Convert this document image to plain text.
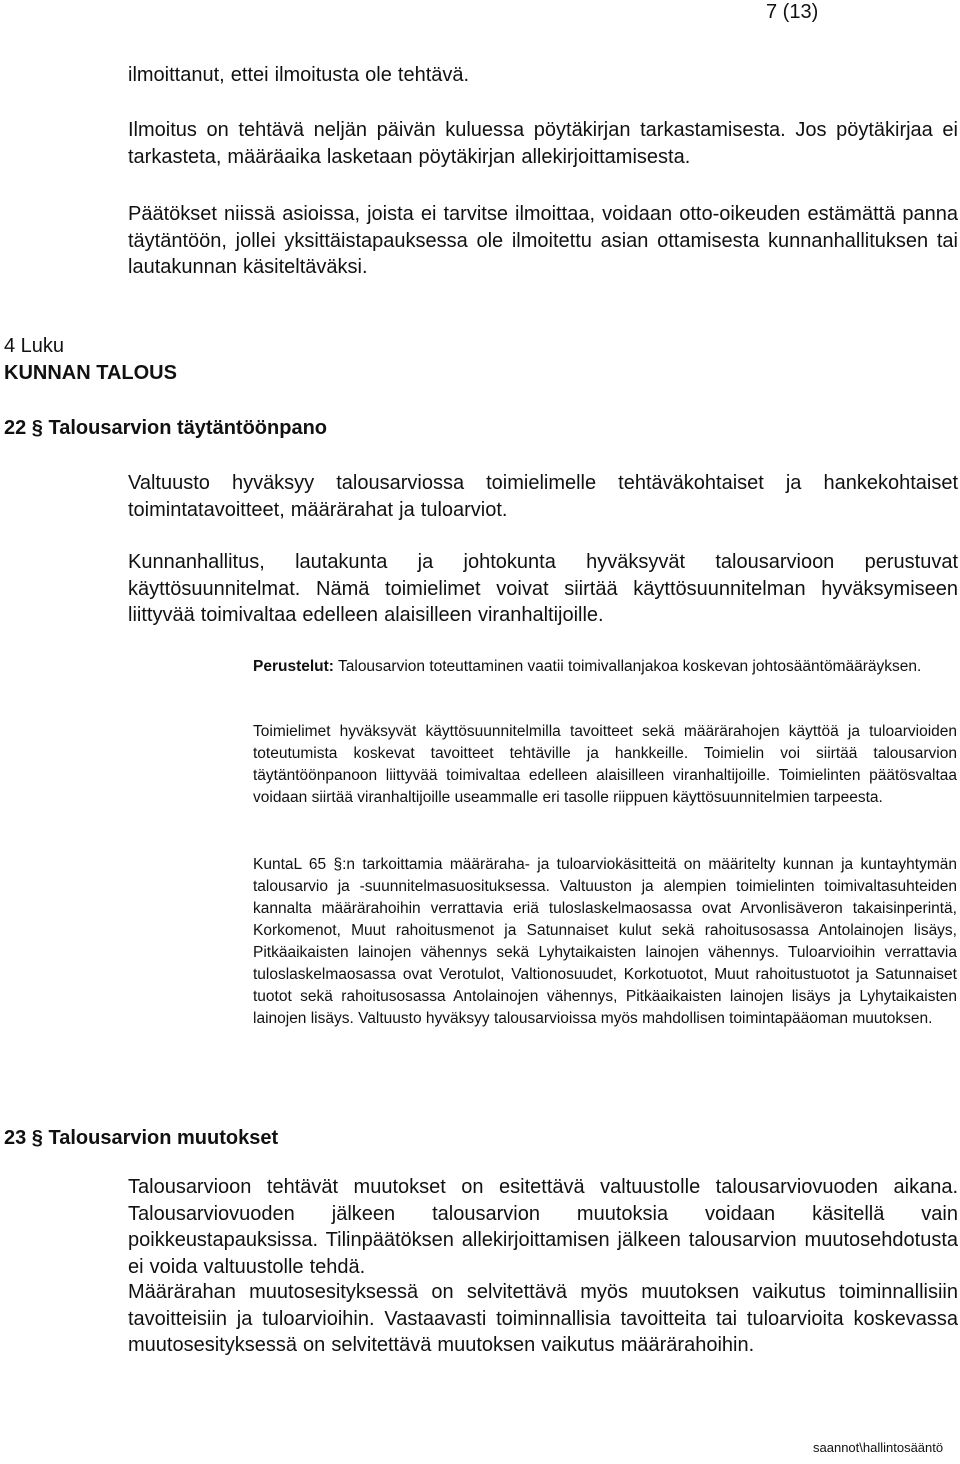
7 (13)
ilmoittanut, ettei ilmoitusta ole tehtävä.
Ilmoitus on tehtävä neljän päivän kuluessa pöytäkirjan tarkastamisesta. Jos pöytäkirjaa ei tarkasteta, määräaika lasketaan pöytäkirjan allekirjoittamisesta.
Päätökset niissä asioissa, joista ei tarvitse ilmoittaa, voidaan otto-oikeuden estämättä panna täytäntöön, jollei yksittäistapauksessa ole ilmoitettu asian ottamisesta kunnanhallituksen tai lautakunnan käsiteltäväksi.
4 Luku
KUNNAN TALOUS
22 § Talousarvion täytäntöönpano
Valtuusto hyväksyy talousarviossa toimielimelle tehtäväkohtaiset ja hankekohtaiset toimintatavoitteet, määrärahat ja tuloarviot.
Kunnanhallitus, lautakunta ja johtokunta hyväksyvät talousarvioon perustuvat käyttösuunnitelmat. Nämä toimielimet voivat siirtää käyttösuunnitelman hyväksymiseen liittyvää toimivaltaa edelleen alaisilleen viranhaltijoille.
Perustelut: Talousarvion toteuttaminen vaatii toimivallanjakoa koskevan johtosääntömääräyksen.
Toimielimet hyväksyvät käyttösuunnitelmilla tavoitteet sekä määrärahojen käyttöä ja tuloarvioiden toteutumista koskevat tavoitteet tehtäville ja hankkeille. Toimielin voi siirtää talousarvion täytäntöönpanoon liittyvää toimivaltaa edelleen alaisilleen viranhaltijoille. Toimielinten päätösvaltaa voidaan siirtää viranhaltijoille useammalle eri tasolle riippuen käyttösuunnitelmien tarpeesta.
KuntaL 65 §:n tarkoittamia määräraha- ja tuloarviokäsitteitä on määritelty kunnan ja kuntayhtymän talousarvio ja -suunnitelmasuosituksessa. Valtuuston ja alempien toimielinten toimivaltasuhteiden kannalta määrärahoihin verrattavia eriä tuloslaskelmaosassa ovat Arvonlisäveron takaisinperintä, Korkomenot, Muut rahoitusmenot ja Satunnaiset kulut sekä rahoitusosassa Antolainojen lisäys, Pitkäaikaisten lainojen vähennys sekä Lyhytaikaisten lainojen vähennys. Tuloarvioihin verrattavia tuloslaskelmaosassa ovat Verotulot, Valtionosuudet, Korkotuotot, Muut rahoitustuotot ja Satunnaiset tuotot sekä rahoitusosassa Antolainojen vähennys, Pitkäaikaisten lainojen lisäys ja Lyhytaikaisten lainojen lisäys. Valtuusto hyväksyy talousarvioissa myös mahdollisen toimintapääoman muutoksen.
23 § Talousarvion muutokset
Talousarvioon tehtävät muutokset on esitettävä valtuustolle talousarviovuoden aikana. Talousarviovuoden jälkeen talousarvion muutoksia voidaan käsitellä vain poikkeustapauksissa. Tilinpäätöksen allekirjoittamisen jälkeen talousarvion muutosehdotusta ei voida valtuustolle tehdä.
Määrärahan muutosesityksessä on selvitettävä myös muutoksen vaikutus toiminnallisiin tavoitteisiin ja tuloarvioihin. Vastaavasti toiminnallisia tavoitteita tai tuloarvioita koskevassa muutosesityksessä on selvitettävä muutoksen vaikutus määrärahoihin.
saannot\hallintosääntö
